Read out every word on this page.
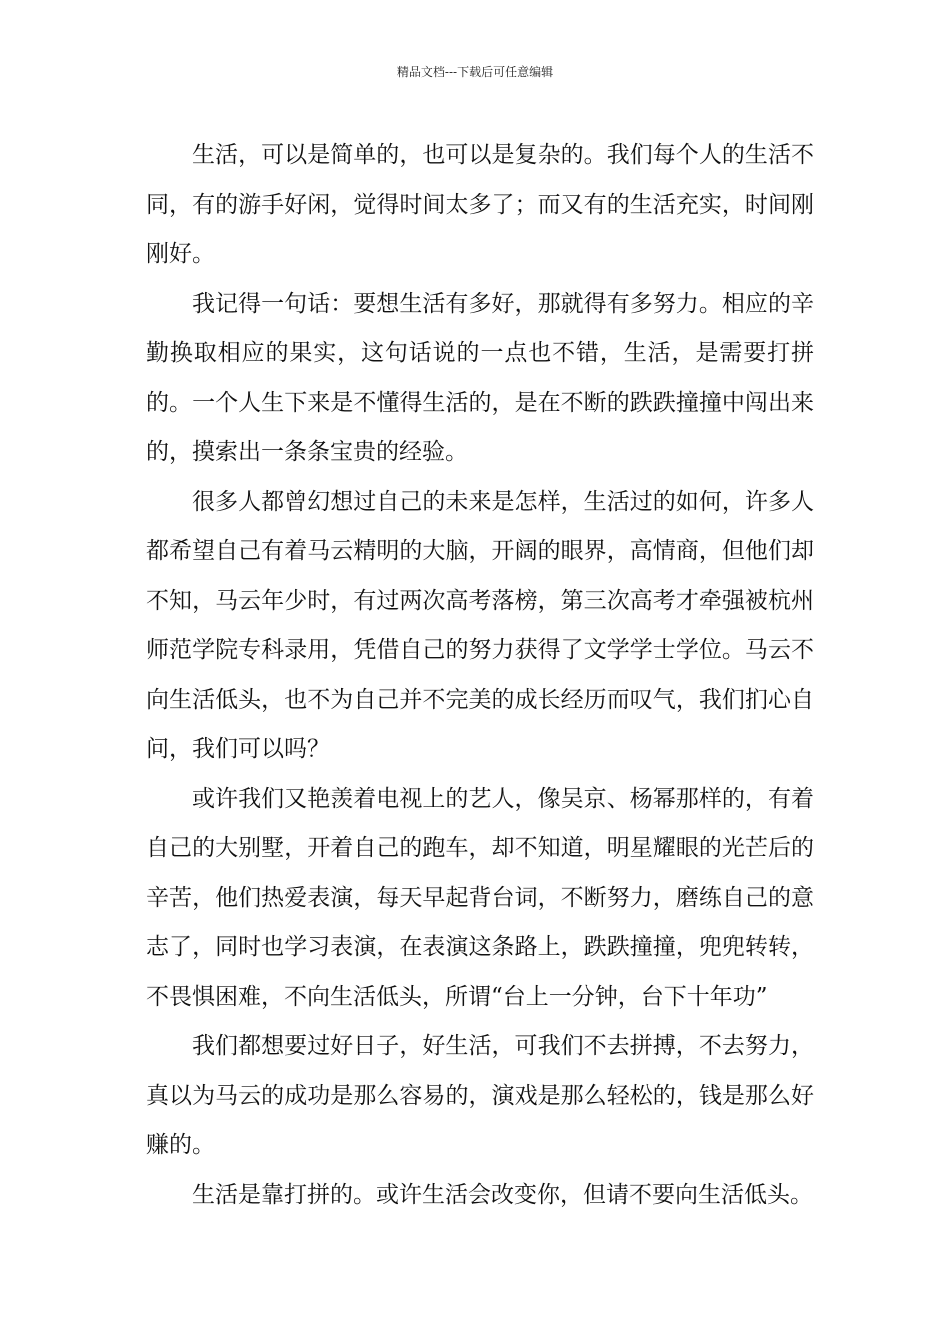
精品文档---下载后可任意编辑

生活，可以是简单的，也可以是复杂的。我们每个人的生活不同，有的游手好闲，觉得时间太多了；而又有的生活充实，时间刚刚好。

我记得一句话：要想生活有多好，那就得有多努力。相应的辛勤换取相应的果实，这句话说的一点也不错，生活，是需要打拼的。一个人生下来是不懂得生活的，是在不断的跌跌撞撞中闯出来的，摸索出一条条宝贵的经验。

很多人都曾幻想过自己的未来是怎样，生活过的如何，许多人都希望自己有着马云精明的大脑，开阔的眼界，高情商，但他们却不知，马云年少时，有过两次高考落榜，第三次高考才牵强被杭州师范学院专科录用，凭借自己的努力获得了文学学士学位。马云不向生活低头，也不为自己并不完美的成长经历而叹气，我们扪心自问，我们可以吗？

或许我们又艳羡着电视上的艺人，像吴京、杨幂那样的，有着自己的大别墅，开着自己的跑车，却不知道，明星耀眼的光芒后的辛苦，他们热爱表演，每天早起背台词，不断努力，磨练自己的意志了，同时也学习表演，在表演这条路上，跌跌撞撞，兜兜转转，不畏惧困难，不向生活低头，所谓“台上一分钟，台下十年功”

我们都想要过好日子，好生活，可我们不去拼搏，不去努力，真以为马云的成功是那么容易的，演戏是那么轻松的，钱是那么好赚的。

生活是靠打拼的。或许生活会改变你，但请不要向生活低头。
